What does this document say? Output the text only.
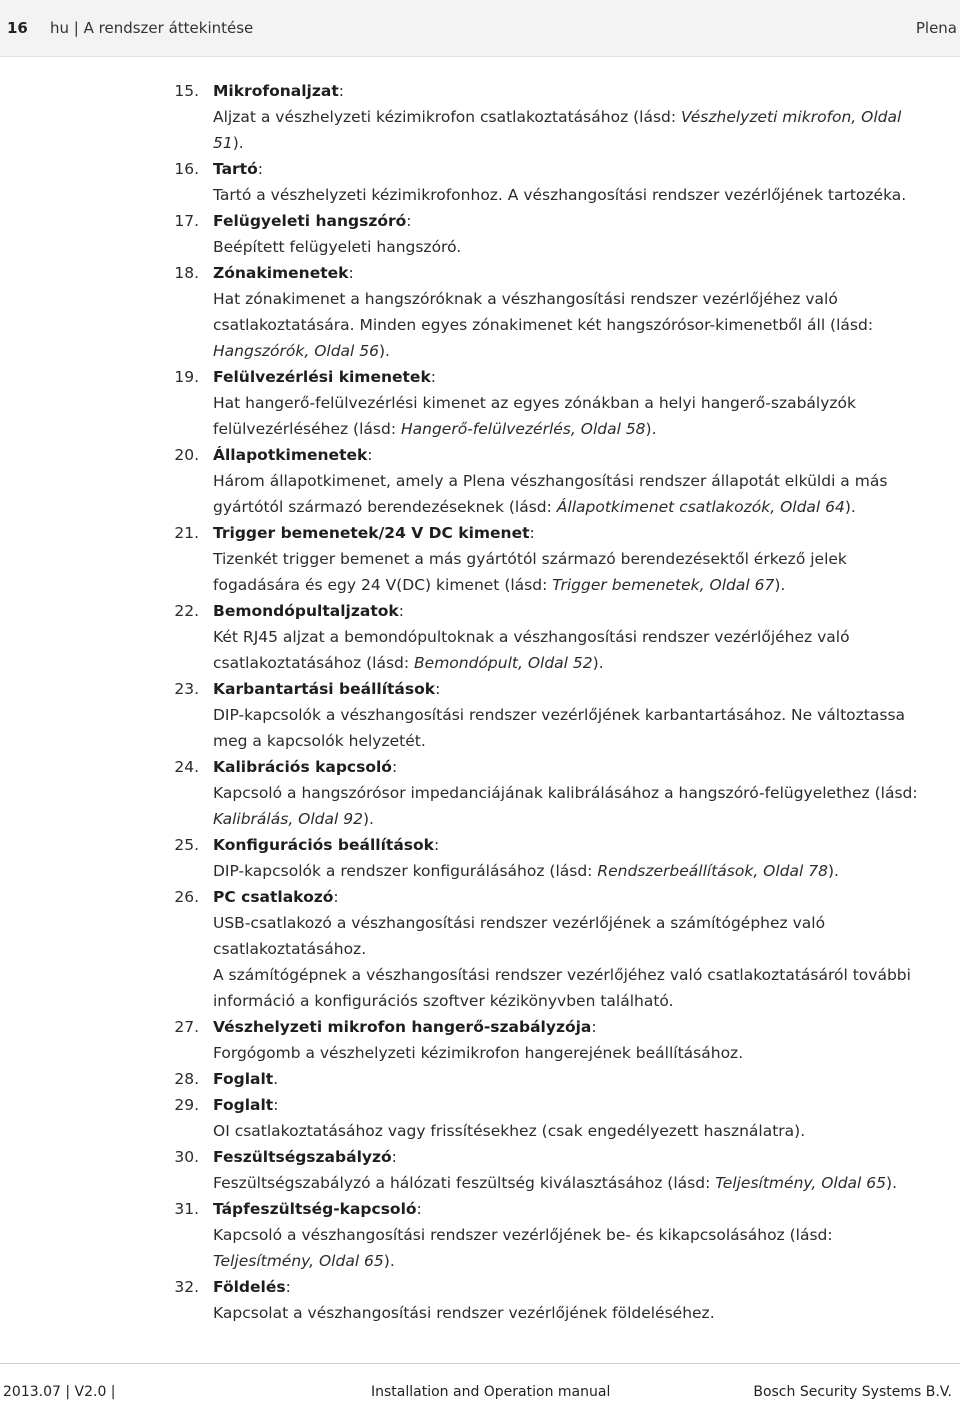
16 hu | A rendszer áttekintése	Plena
15. Mikrofonaljzat:
Aljzat a vészhelyzeti kézimikrofon csatlakoztatásához (lásd: Vészhelyzeti mikrofon, Oldal
51).
16. Tartó:
Tartó a vészhelyzeti kézimikrofonhoz. A vészhangosítási rendszer vezérlőjének tartozéka.
17. Felügyeleti hangszóró:
Beépített felügyeleti hangszóró.
18. Zónakimenetek:
Hat zónakimenet a hangszóróknak a vészhangosítási rendszer vezérlőjéhez való
csatlakoztatására. Minden egyes zónakimenet két hangszórósor-kimenetből áll (lásd:
Hangszórók, Oldal 56).
19. Felülvezérlési kimenetek:
Hat hangerő-felülvezérlési kimenet az egyes zónákban a helyi hangerő-szabályzók
felülvezérléséhez (lásd: Hangerő-felülvezérlés, Oldal 58).
20. Állapotkimenetek:
Három állapotkimenet, amely a Plena vészhangosítási rendszer állapotát elküldi a más
gyártótól származó berendezéseknek (lásd: Állapotkimenet csatlakozók, Oldal 64).
21. Trigger bemenetek/24 V DC kimenet:
Tizenkét trigger bemenet a más gyártótól származó berendezésektől érkező jelek
fogadására és egy 24 V(DC) kimenet (lásd: Trigger bemenetek, Oldal 67).
22. Bemondópultaljzatok:
Két RJ45 aljzat a bemondópultoknak a vészhangosítási rendszer vezérlőjéhez való
csatlakoztatásához (lásd: Bemondópult, Oldal 52).
23. Karbantartási beállítások:
DIP-kapcsolók a vészhangosítási rendszer vezérlőjének karbantartásához. Ne változtassa
meg a kapcsolók helyzetét.
24. Kalibrációs kapcsoló:
Kapcsoló a hangszórósor impedanciájának kalibrálásához a hangszóró-felügyelethez (lásd:
Kalibrálás, Oldal 92).
25. Konfigurációs beállítások:
DIP-kapcsolók a rendszer konfigurálásához (lásd: Rendszerbeállítások, Oldal 78).
26. PC csatlakozó:
USB-csatlakozó a vészhangosítási rendszer vezérlőjének a számítógéphez való
csatlakoztatásához.
A számítógépnek a vészhangosítási rendszer vezérlőjéhez való csatlakoztatásáról további
információ a konfigurációs szoftver kézikönyvben található.
27. Vészhelyzeti mikrofon hangerő-szabályzója:
Forgógomb a vészhelyzeti kézimikrofon hangerejének beállításához.
28. Foglalt.
29. Foglalt:
OI csatlakoztatásához vagy frissítésekhez (csak engedélyezett használatra).
30. Feszültségszabályzó:
Feszültségszabályzó a hálózati feszültség kiválasztásához (lásd: Teljesítmény, Oldal 65).
31. Tápfeszültség-kapcsoló:
Kapcsoló a vészhangosítási rendszer vezérlőjének be- és kikapcsolásához (lásd:
Teljesítmény, Oldal 65).
32. Földelés:
Kapcsolat a vészhangosítási rendszer vezérlőjének földeléséhez.
2013.07 | V2.0 |	Installation and Operation manual	Bosch Security Systems B.V.
